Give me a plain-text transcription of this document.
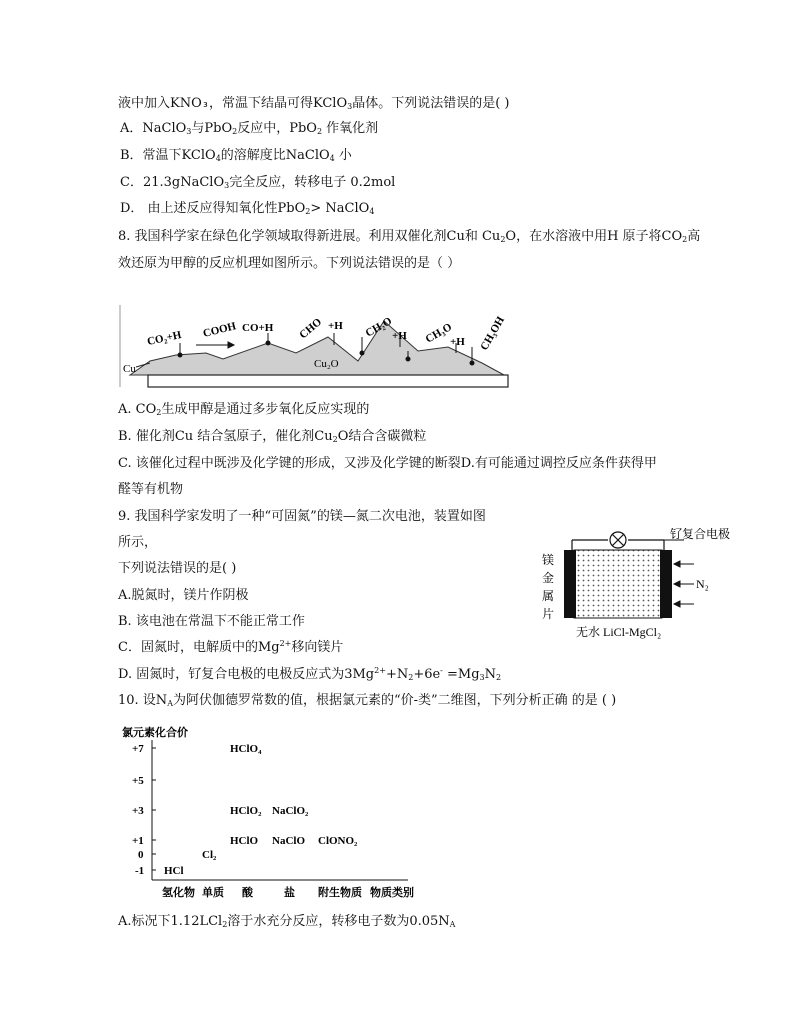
液中加入KNO₃，常温下结晶可得KClO$_3$晶体。下列说法错误的是( )
A．NaClO$_3$与PbO$_2$反应中，PbO$_2$ 作氧化剂
B．常温下KClO$_4$的溶解度比NaClO$_4$ 小
C．21.3gNaClO$_3$完全反应，转移电子 0.2mol
D． 由上述反应得知氧化性PbO$_2$> NaClO$_4$
8. 我国科学家在绿色化学领域取得新进展。利用双催化剂Cu和 $Cu_2O$，在水溶液中用H 原子将$CO_2$高
效还原为甲醇的反应机理如图所示。下列说法错误的是（ ）
Cu	Cu₂O
CO₂+H COOH CO+H CHO +H CH₂O
+H CH₃O
+H CH₃OH
A. $CO_2$生成甲醇是通过多步氧化反应实现的
B. 催化剂Cu 结合氢原子，催化剂$Cu_2O$结合含碳微粒
C. 该催化过程中既涉及化学键的形成，又涉及化学键的断裂D.有可能通过调控反应条件获得甲
醛等有机物
9. 我国科学家发明了一种“可固氮”的镁—氮二次电池，装置如图
所示，
下列说法错误的是( )
A.脱氮时，镁片作阴极
B. 该电池在常温下不能正常工作
C．固氮时，电解质中的$Mg^{2+}$移向镁片
D. 固氮时，钌复合电极的电极反应式为$3Mg^{2+}+N_2+6e^- =Mg_3N_2$
钌复合电极
镁
金
属
片
N₂
无水 LiCl-MgCl₂
10. 设$N_A$为阿伏伽德罗常数的值，根据氯元素的“价-类”二维图，下列分析正确 的是 ( )
氯元素化合价
+7
+5
+3
+1
0
-1
HClO₄
HClO₂ NaClO₂
HClO NaClO ClONO₂
Cl₂
HCl
氢化物 单质 酸	盐 附生物质 物质类别
A.标况下1.12LCl$_2$溶于水充分反应，转移电子数为$0.05N_A$
